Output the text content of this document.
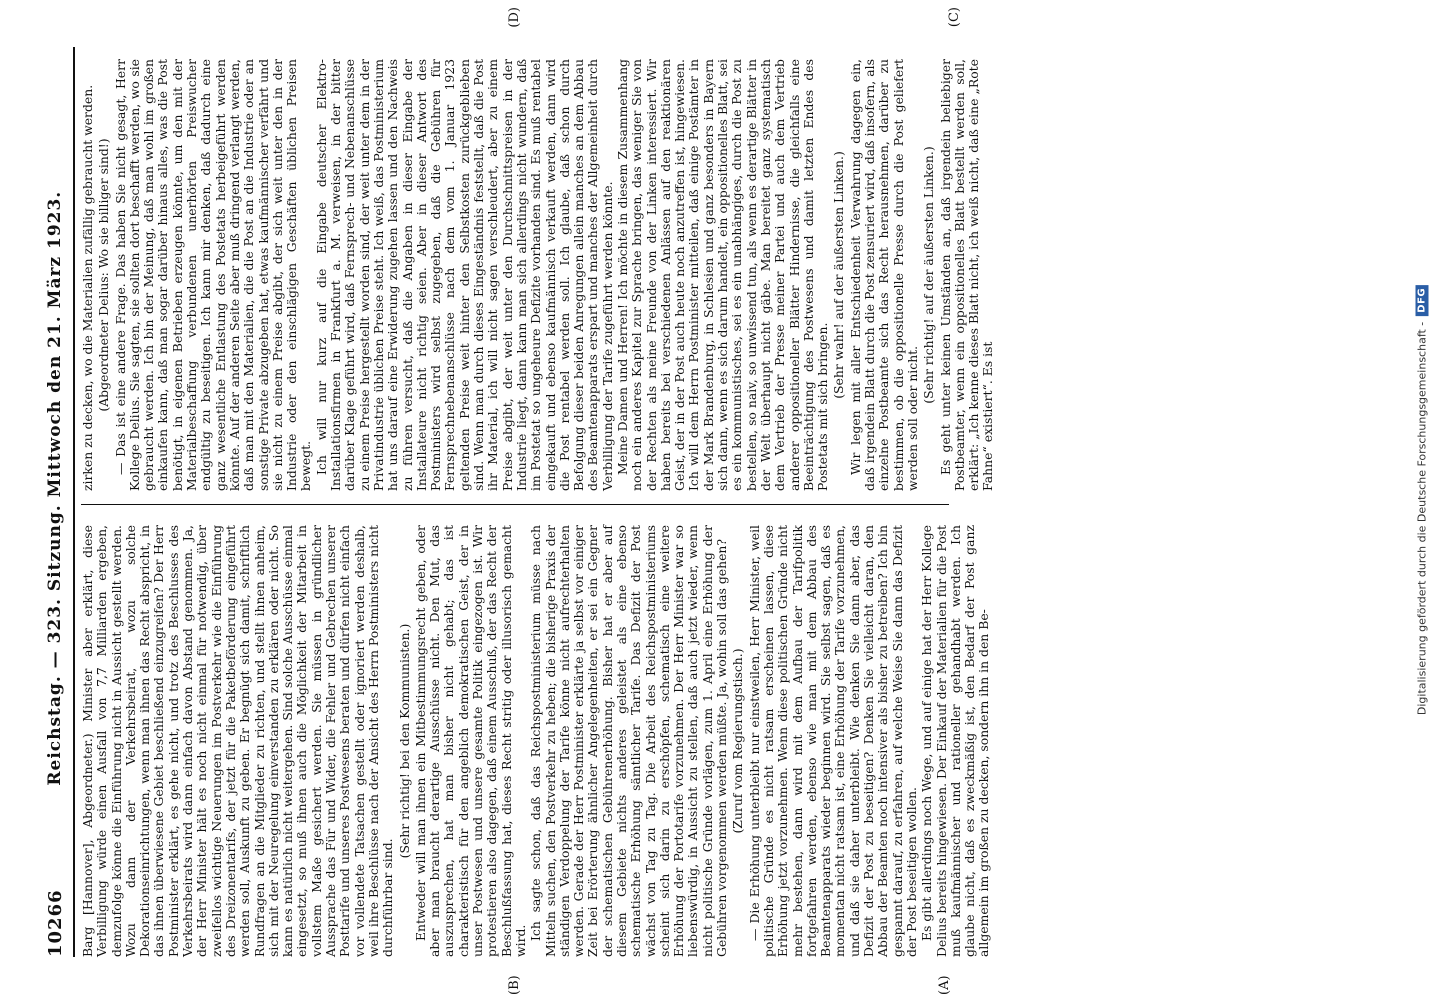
10266
Reichstag. — 323. Sitzung. Mittwoch den 21. März 1923.
(A)
(B)
(C)
(D)

Barg [Hannover], Abgeordneter.) Minister aber erklärt, diese Verbilligung würde einen Ausfall von 7,7 Milliarden ergeben, demzufolge könne die Einführung nicht in Aussicht gestellt werden. Wozu dann der Verkehrsbeirat, wozu solche Dekorationseinrichtungen, wenn man ihnen das Recht abspricht, in das ihnen überwiesene Gebiet beschließend einzugreifen? Der Herr Postminister erklärt, es gehe nicht, und trotz des Beschlusses des Verkehrsbeirats wird dann einfach davon Abstand genommen. Ja, der Herr Minister hält es noch nicht einmal für notwendig, über zweifellos wichtige Neuerungen im Postverkehr wie die Einführung des Dreizonentarifs, der jetzt für die Paketbeförderung eingeführt werden soll, Auskunft zu geben. Er begnügt sich damit, schriftlich Rundfragen an die Mitglieder zu richten, und stellt ihnen anheim, sich mit der Neuregelung einverstanden zu erklären oder nicht. So kann es natürlich nicht weitergehen. Sind solche Ausschüsse einmal eingesetzt, so muß ihnen auch die Möglichkeit der Mitarbeit in vollstem Maße gesichert werden. Sie müssen in gründlicher Aussprache das Für und Wider, die Fehler und Gebrechen unserer Posttarife und unseres Postwesens beraten und dürfen nicht einfach vor vollendete Tatsachen gestellt oder ignoriert werden deshalb, weil ihre Beschlüsse nach der Ansicht des Herrn Postministers nicht durchführbar sind.

(Sehr richtig! bei den Kommunisten.) Entweder will man ihnen ein Mitbestimmungsrecht geben, oder aber man braucht derartige Ausschüsse nicht. Den Mut, das auszusprechen, hat man bisher nicht gehabt; das ist charakteristisch für den angeblich demokratischen Geist, der in unser Postwesen und unsere gesamte Politik eingezogen ist. Wir protestieren also dagegen, daß einem Ausschuß, der das Recht der Beschlußfassung hat, dieses Recht stritig oder illusorisch gemacht wird. Ich sagte schon, daß das Reichspostministerium müsse nach Mitteln suchen, den Postverkehr zu heben; die bisherige Praxis der ständigen Verdoppelung der Tarife könne nicht aufrechterhalten werden. Gerade der Herr Postminister erklärte ja selbst vor einiger Zeit bei Erörterung ähnlicher Angelegenheiten, er sei ein Gegner der schematischen Gebührenerhöhung. Bisher hat er aber auf diesem Gebiete nichts anderes geleistet als eine ebenso schematische Erhöhung sämtlicher Tarife. Das Defizit der Post wächst von Tag zu Tag. Die Arbeit des Reichspostministeriums scheint sich darin zu erschöpfen, schematisch eine weitere Erhöhung der Portotarife vorzunehmen. Der Herr Minister war so liebenswürdig, in Aussicht zu stellen, daß auch jetzt wieder, wenn nicht politische Gründe vorlägen, zum 1. April eine Erhöhung der Gebühren vorgenommen werden müßte. Ja, wohin soll das gehen? (Zuruf vom Regierungstisch.) — Die Erhöhung unterbleibt nur einstweilen, Herr Minister, weil politische Gründe es nicht ratsam erscheinen lassen, diese Erhöhung jetzt vorzunehmen. Wenn diese politischen Gründe nicht mehr bestehen, dann wird mit dem Aufbau der Tarifpolitik fortgefahren werden, ebenso wie man mit dem Abbau des Beamtenapparats wieder beginnen wird. Sie selbst sagen, daß es momentan nicht ratsam ist, eine Erhöhung der Tarife vorzunehmen, und daß sie daher unterbleibt. Wie denken Sie dann aber, das Defizit der Post zu beseitigen? Denken Sie vielleicht daran, den Abbau der Beamten noch intensiver als bisher zu betreiben? Ich bin gespannt darauf, zu erfahren, auf welche Weise Sie dann das Defizit der Post beseitigen wollen. Es gibt allerdings noch Wege, und auf einige hat der Herr Kollege Delius bereits hingewiesen. Der Einkauf der Materialien für die Post muß kaufmännischer und rationeller gehandhabt werden. Ich glaube nicht, daß es zweckmäßig ist, den Bedarf der Post ganz allgemein im großen zu decken, sondern ihn in den Be-

zirken zu decken, wo die Materialien zufällig gebraucht werden. (Abgeordneter Delius: Wo sie billiger sind!) — Das ist eine andere Frage. Das haben Sie nicht gesagt, Herr Kollege Delius. Sie sagten, sie sollten dort beschafft werden, wo sie gebraucht werden. Ich bin der Meinung, daß man wohl im großen einkaufen kann, daß man sogar darüber hinaus alles, was die Post benötigt, in eigenen Betrieben erzeugen könnte, um den mit der Materialbeschaffung verbundenen unerhörten Preiswucher endgültig zu beseitigen. Ich kann mir denken, daß dadurch eine ganz wesentliche Entlastung des Postetats herbeigeführt werden könnte. Auf der anderen Seite aber muß dringend verlangt werden, daß man mit den Materialien, die die Post an die Industrie oder an sonstige Private abzugeben hat, etwas kaufmännischer verfährt und sie nicht zu einem Preise abgibt, der sich weit unter den in der Industrie oder den einschlägigen Geschäften üblichen Preisen bewegt. Ich will nur kurz auf die Eingabe deutscher Elektro-Installationsfirmen in Frankfurt a. M. verweisen, in der bitter darüber Klage geführt wird, daß Fernsprech- und Nebenanschlüsse zu einem Preise hergestellt worden sind, der weit unter dem in der Privatindustrie üblichen Preise steht. Ich weiß, das Postministerium hat uns darauf eine Erwiderung zugehen lassen und den Nachweis zu führen versucht, daß die Angaben in dieser Eingabe der Installateure nicht richtig seien. Aber in dieser Antwort des Postministers wird selbst zugegeben, daß die Gebühren für Fernsprechnebenanschlüsse nach dem vom 1. Januar 1923 geltenden Preise weit hinter den Selbstkosten zurückgeblieben sind. Wenn man durch dieses Eingeständnis feststellt, daß die Post ihr Material, ich will nicht sagen verschleudert, aber zu einem Preise abgibt, der weit unter den Durchschnittspreisen in der Industrie liegt, dann kann man sich allerdings nicht wundern, daß im Postetat so ungeheure Defizite vorhanden sind. Es muß rentabel eingekauft und ebenso kaufmännisch verkauft werden, dann wird die Post rentabel werden soll. Ich glaube, daß schon durch Befolgung dieser beiden Anregungen allein manches an dem Abbau des Beamtenapparats erspart und manches der Allgemeinheit durch Verbilligung der Tarife zugeführt werden könnte. Meine Damen und Herren! Ich möchte in diesem Zusammenhang noch ein anderes Kapitel zur Sprache bringen, das weniger Sie von der Rechten als meine Freunde von der Linken interessiert. Wir haben bereits bei verschiedenen Anlässen auf den reaktionären Geist, der in der Post auch heute noch anzutreffen ist, hingewiesen. Ich will dem Herrn Postminister mitteilen, daß einige Postämter in der Mark Brandenburg, in Schlesien und ganz besonders in Bayern sich dann, wenn es sich darum handelt, ein oppositionelles Blatt, sei es ein kommunistisches, sei es ein unabhängiges, durch die Post zu bestellen, so naiv, so unwissend tun, als wenn es derartige Blätter in der Welt überhaupt nicht gäbe. Man bereitet ganz systematisch dem Vertrieb der Presse meiner Partei und auch dem Vertrieb anderer oppositioneller Blätter Hindernisse, die gleichfalls eine Beeinträchtigung des Postwesens und damit letzten Endes des Postetats mit sich bringen.

(Sehr wahr! auf der äußersten Linken.) Wir legen mit aller Entschiedenheit Verwahrung dagegen ein, daß irgendein Blatt durch die Post zensuriert wird, daß insofern, als einzelne Postbeamte sich das Recht herausnehmen, darüber zu bestimmen, ob die oppositionelle Presse durch die Post geliefert werden soll oder nicht.

(Sehr richtig! auf der äußersten Linken.) Es geht unter keinen Umständen an, daß irgendein beliebiger Postbeamter, wenn ein oppositionelles Blatt bestellt werden soll, erklärt: „Ich kenne dieses Blatt nicht, ich weiß nicht, daß eine „Rote Fahne“ existiert“. Es ist	Digitalisierung gefördert durch die Deutsche Forschungsgemeinschaft -
DFG
